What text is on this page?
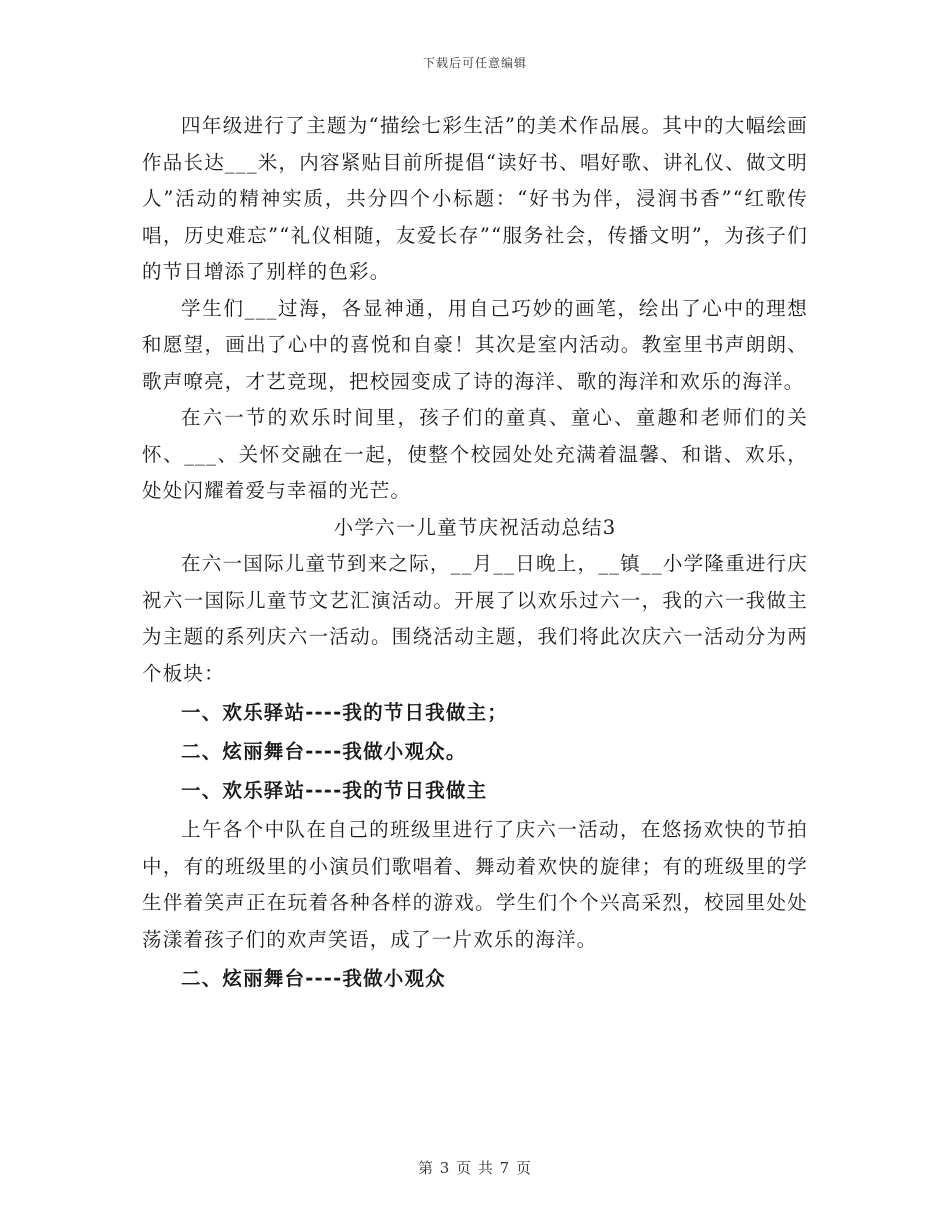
下载后可任意编辑

四年级进行了主题为“描绘七彩生活”的美术作品展。其中的大幅绘画作品长达___米，内容紧贴目前所提倡“读好书、唱好歌、讲礼仪、做文明人”活动的精神实质，共分四个小标题：“好书为伴，浸润书香”“红歌传唱，历史难忘”“礼仪相随，友爱长存”“服务社会，传播文明”，为孩子们的节日增添了别样的色彩。

学生们___过海，各显神通，用自己巧妙的画笔，绘出了心中的理想和愿望，画出了心中的喜悦和自豪！其次是室内活动。教室里书声朗朗、歌声嘹亮，才艺竞现，把校园变成了诗的海洋、歌的海洋和欢乐的海洋。

在六一节的欢乐时间里，孩子们的童真、童心、童趣和老师们的关怀、___、关怀交融在一起，使整个校园处处充满着温馨、和谐、欢乐，处处闪耀着爱与幸福的光芒。

小学六一儿童节庆祝活动总结3

在六一国际儿童节到来之际，__月__日晚上，__镇__小学隆重进行庆祝六一国际儿童节文艺汇演活动。开展了以欢乐过六一，我的六一我做主为主题的系列庆六一活动。围绕活动主题，我们将此次庆六一活动分为两个板块：

一、欢乐驿站----我的节日我做主；

二、炫丽舞台----我做小观众。

一、欢乐驿站----我的节日我做主

上午各个中队在自己的班级里进行了庆六一活动，在悠扬欢快的节拍中，有的班级里的小演员们歌唱着、舞动着欢快的旋律；有的班级里的学生伴着笑声正在玩着各种各样的游戏。学生们个个兴高采烈，校园里处处荡漾着孩子们的欢声笑语，成了一片欢乐的海洋。

二、炫丽舞台----我做小观众

第 3 页 共 7 页
